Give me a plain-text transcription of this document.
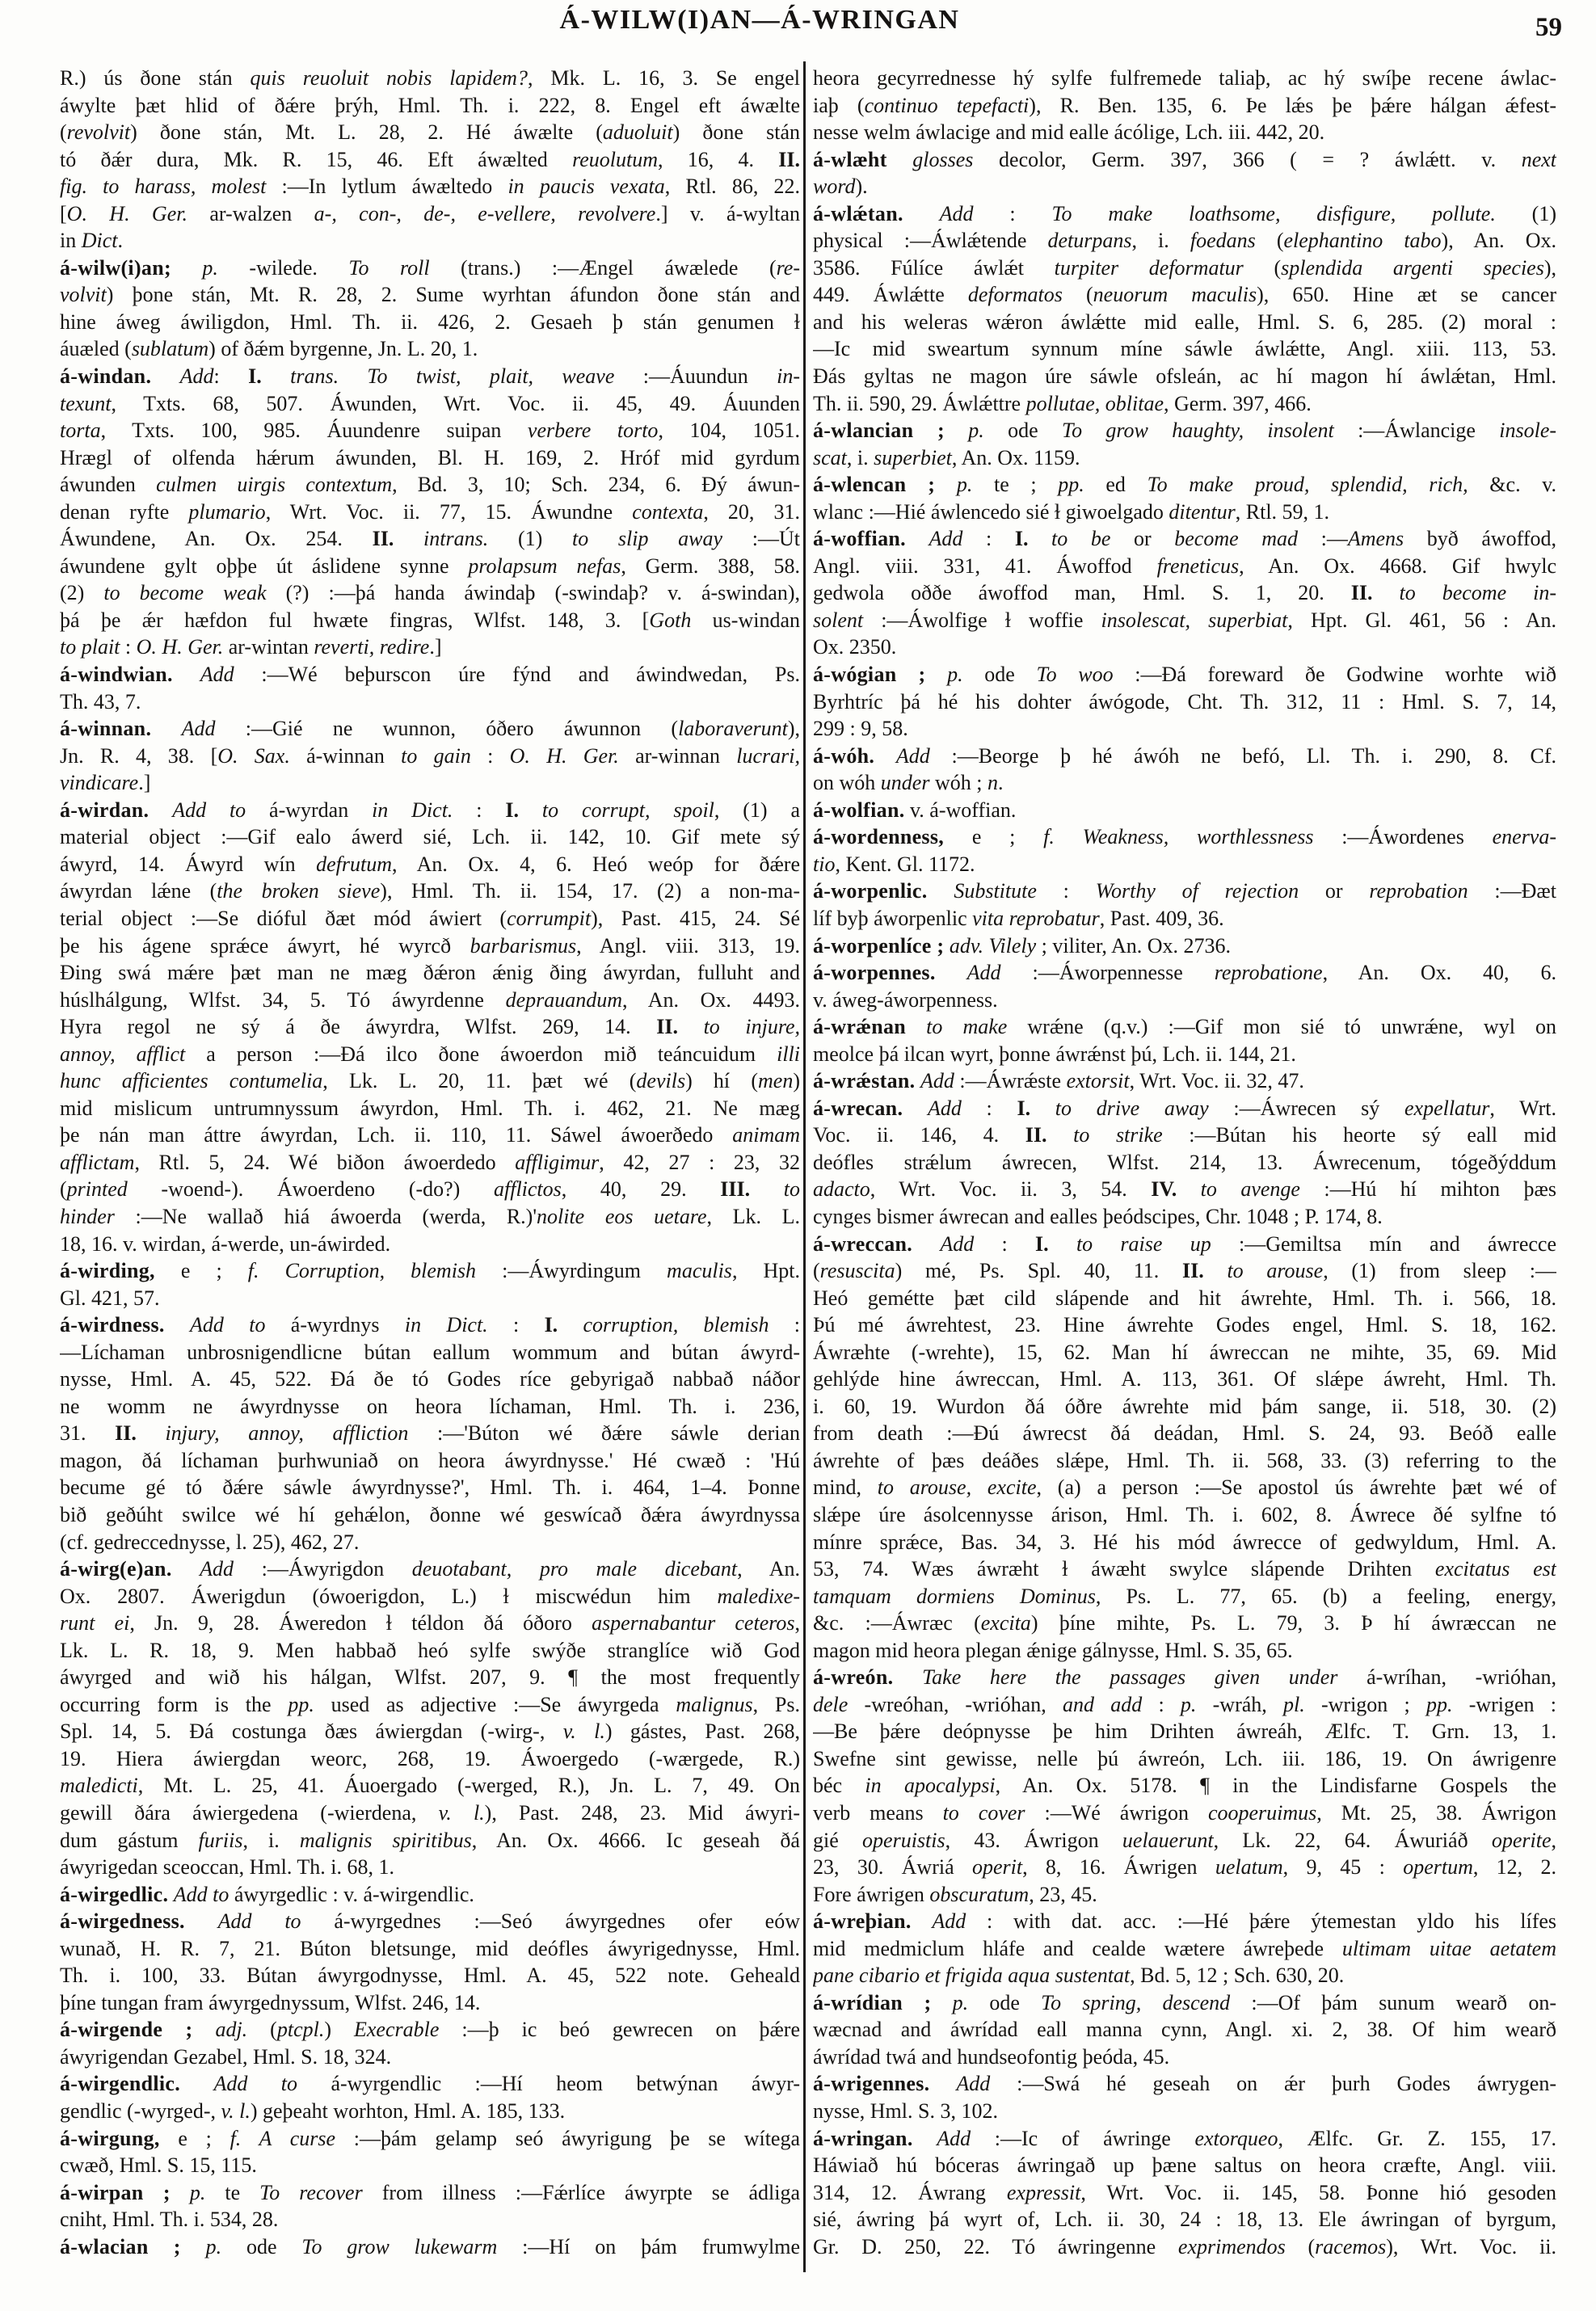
Á-WILW(I)AN—Á-WRINGAN	59
R.) ús ðone stán quis reuoluit nobis lapidem?, Mk. L. 16, 3. Se engel
áwylte þæt hlid of ðǽre þrýh, Hml. Th. i. 222, 8. Engel eft áwælte
(revolvit) ðone stán, Mt. L. 28, 2. Hé áwælte (aduoluit) ðone stán
tó ðǽr dura, Mk. R. 15, 46. Eft áwælted reuolutum, 16, 4. II.
fig. to harass, molest :—In lytlum áwæltedo in paucis vexata, Rtl. 86, 22.
[O. H. Ger. ar-walzen a-, con-, de-, e-vellere, revolvere.] v. á-wyltan
in Dict.
á-wilw(i)an; p. -wilede. To roll (trans.) :—Ængel áwælede (re-
volvit) þone stán, Mt. R. 28, 2. Sume wyrhtan áfundon ðone stán and
hine áweg áwiligdon, Hml. Th. ii. 426, 2. Gesaeh þ stán genumen ɫ
áuæled (sublatum) of ðǽm byrgenne, Jn. L. 20, 1.
á-windan. Add: I. trans. To twist, plait, weave :—Áuundun in-
texunt, Txts. 68, 507. Áwunden, Wrt. Voc. ii. 45, 49. Áuunden
torta, Txts. 100, 985. Áuundenre suipan verbere torto, 104, 1051.
Hrægl of olfenda hǽrum áwunden, Bl. H. 169, 2. Hróf mid gyrdum
áwunden culmen uirgis contextum, Bd. 3, 10; Sch. 234, 6. Ðý áwun-
denan ryfte plumario, Wrt. Voc. ii. 77, 15. Áwundne contexta, 20, 31.
Áwundene, An. Ox. 254. II. intrans. (1) to slip away :—Út
áwundene gylt oþþe út áslidene synne prolapsum nefas, Germ. 388, 58.
(2) to become weak (?) :—þá handa áwindaþ (-swindaþ? v. á-swindan),
þá þe ǽr hæfdon ful hwæte fingras, Wlfst. 148, 3. [Goth us-windan
to plait : O. H. Ger. ar-wintan reverti, redire.]
á-windwian. Add :—Wé beþurscon úre fýnd and áwindwedan, Ps.
Th. 43, 7.
á-winnan. Add :—Gié ne wunnon, óðero áwunnon (laboraverunt),
Jn. R. 4, 38. [O. Sax. á-winnan to gain : O. H. Ger. ar-winnan lucrari,
vindicare.]
á-wirdan. Add to á-wyrdan in Dict. : I. to corrupt, spoil, (1) a
material object :—Gif ealo áwerd sié, Lch. ii. 142, 10. Gif mete sý
áwyrd, 14. Áwyrd wín defrutum, An. Ox. 4, 6. Heó weóp for ðǽre
áwyrdan lǽne (the broken sieve), Hml. Th. ii. 154, 17. (2) a non-ma-
terial object :—Se dióful ðæt mód áwiert (corrumpit), Past. 415, 24. Sé
þe his ágene sprǽce áwyrt, hé wyrcð barbarismus, Angl. viii. 313, 19.
Ðing swá mǽre þæt man ne mæg ðǽron ǽnig ðing áwyrdan, fulluht and
húslhálgung, Wlfst. 34, 5. Tó áwyrdenne deprauandum, An. Ox. 4493.
Hyra regol ne sý á ðe áwyrdra, Wlfst. 269, 14. II. to injure,
annoy, afflict a person :—Ðá ilco ðone áwoerdon mið teáncuidum illi
hunc afficientes contumelia, Lk. L. 20, 11. þæt wé (devils) hí (men)
mid mislicum untrumnyssum áwyrdon, Hml. Th. i. 462, 21. Ne mæg
þe nán man áttre áwyrdan, Lch. ii. 110, 11. Sáwel áwoerðedo animam
afflictam, Rtl. 5, 24. Wé biðon áwoerdedo affligimur, 42, 27 : 23, 32
(printed -woend-). Áwoerdeno (-do?) afflictos, 40, 29. III. to
hinder :—Ne wallað hiá áwoerda (werda, R.)'nolite eos uetare, Lk. L.
18, 16. v. wirdan, á-werde, un-áwirded.
á-wirding, e ; f. Corruption, blemish :—Áwyrdingum maculis, Hpt.
Gl. 421, 57.
á-wirdness. Add to á-wyrdnys in Dict. : I. corruption, blemish :
—Líchaman unbrosnigendlicne bútan eallum wommum and bútan áwyrd-
nysse, Hml. A. 45, 522. Ðá ðe tó Godes ríce gebyrigað nabbað náðor
ne womm ne áwyrdnysse on heora líchaman, Hml. Th. i. 236,
31. II. injury, annoy, affliction :—'Búton wé ðǽre sáwle derian
magon, ðá líchaman þurhwuniað on heora áwyrdnysse.' Hé cwæð : 'Hú
becume gé tó ðǽre sáwle áwyrdnysse?', Hml. Th. i. 464, 1–4. Þonne
bið geðúht swilce wé hí gehǽlon, ðonne wé geswícað ðǽra áwyrdnyssa
(cf. gedreccednysse, l. 25), 462, 27.
á-wirg(e)an. Add :—Áwyrigdon deuotabant, pro male dicebant, An.
Ox. 2807. Áwerigdun (ówoerigdon, L.) ɫ miscwédun him maledixe-
runt ei, Jn. 9, 28. Áweredon ɫ téldon ðá óðoro aspernabantur ceteros,
Lk. L. R. 18, 9. Men habbað heó sylfe swýðe stranglíce wið God
áwyrged and wið his hálgan, Wlfst. 207, 9. ¶ the most frequently
occurring form is the pp. used as adjective :—Se áwyrgeda malignus, Ps.
Spl. 14, 5. Ðá costunga ðæs áwiergdan (-wirg-, v. l.) gástes, Past. 268,
19. Hiera áwiergdan weorc, 268, 19. Áwoergedo (-wærgede, R.)
maledicti, Mt. L. 25, 41. Áuoergado (-werged, R.), Jn. L. 7, 49. On
gewill ðára áwiergedena (-wierdena, v. l.), Past. 248, 23. Mid áwyri-
dum gástum furiis, i. malignis spiritibus, An. Ox. 4666. Ic geseah ðá
áwyrigedan sceoccan, Hml. Th. i. 68, 1.
á-wirgedlic. Add to áwyrgedlic : v. á-wirgendlic.
á-wirgedness. Add to á-wyrgednes :—Seó áwyrgednes ofer eów
wunað, H. R. 7, 21. Búton bletsunge, mid deófles áwyrigednysse, Hml.
Th. i. 100, 33. Bútan áwyrgodnysse, Hml. A. 45, 522 note. Geheald
þíne tungan fram áwyrgednyssum, Wlfst. 246, 14.
á-wirgende ; adj. (ptcpl.) Execrable :—þ ic beó gewrecen on þǽre
áwyrigendan Gezabel, Hml. S. 18, 324.
á-wirgendlic. Add to á-wyrgendlic :—Hí heom betwýnan áwyr-
gendlic (-wyrged-, v. l.) geþeaht worhton, Hml. A. 185, 133.
á-wirgung, e ; f. A curse :—þám gelamp seó áwyrigung þe se wítega
cwæð, Hml. S. 15, 115.
á-wirpan ; p. te To recover from illness :—Fǽrlíce áwyrpte se ádliga
cniht, Hml. Th. i. 534, 28.
á-wlacian ; p. ode To grow lukewarm :—Hí on þám frumwylme
heora gecyrrednesse hý sylfe fulfremede taliaþ, ac hý swíþe recene áwlac-
iaþ (continuo tepefacti), R. Ben. 135, 6. Þe lǽs þe þǽre hálgan ǽfest-
nesse welm áwlacige and mid ealle ácólige, Lch. iii. 442, 20.
á-wlæht glosses decolor, Germ. 397, 366 ( = ? áwlǽtt. v. next
word).
á-wlǽtan. Add : To make loathsome, disfigure, pollute. (1)
physical :—Áwlǽtende deturpans, i. foedans (elephantino tabo), An. Ox.
3586. Fúlíce áwlǽt turpiter deformatur (splendida argenti species),
449. Áwlǽtte deformatos (neuorum maculis), 650. Hine æt se cancer
and his weleras wǽron áwlǽtte mid ealle, Hml. S. 6, 285. (2) moral :
—Ic mid sweartum synnum míne sáwle áwlǽtte, Angl. xiii. 113, 53.
Ðás gyltas ne magon úre sáwle ofsleán, ac hí magon hí áwlǽtan, Hml.
Th. ii. 590, 29. Áwlǽttre pollutae, oblitae, Germ. 397, 466.
á-wlancian ; p. ode To grow haughty, insolent :—Áwlancige insole-
scat, i. superbiet, An. Ox. 1159.
á-wlencan ; p. te ; pp. ed To make proud, splendid, rich, &c. v.
wlanc :—Hié áwlencedo sié ɫ giwoelgado ditentur, Rtl. 59, 1.
á-woffian. Add : I. to be or become mad :—Amens byð áwoffod,
Angl. viii. 331, 41. Áwoffod freneticus, An. Ox. 4668. Gif hwylc
gedwola oððe áwoffod man, Hml. S. 1, 20. II. to become in-
solent :—Áwolfige ɫ woffie insolescat, superbiat, Hpt. Gl. 461, 56 : An.
Ox. 2350.
á-wógian ; p. ode To woo :—Ðá foreward ðe Godwine worhte wið
Byrhtríc þá hé his dohter áwógode, Cht. Th. 312, 11 : Hml. S. 7, 14,
299 : 9, 58.
á-wóh. Add :—Beorge þ hé áwóh ne befó, Ll. Th. i. 290, 8. Cf.
on wóh under wóh ; n.
á-wolfian. v. á-woffian.
á-wordenness, e ; f. Weakness, worthlessness :—Áwordenes enerva-
tio, Kent. Gl. 1172.
á-worpenlic. Substitute : Worthy of rejection or reprobation :—Ðæt
líf byþ áworpenlic vita reprobatur, Past. 409, 36.
á-worpenlíce ; adv. Vilely ; viliter, An. Ox. 2736.
á-worpennes. Add :—Áworpennesse reprobatione, An. Ox. 40, 6.
v. áweg-áworpenness.
á-wrǽnan to make wrǽne (q.v.) :—Gif mon sié tó unwrǽne, wyl on
meolce þá ilcan wyrt, þonne áwrǽnst þú, Lch. ii. 144, 21.
á-wrǽstan. Add :—Áwrǽste extorsit, Wrt. Voc. ii. 32, 47.
á-wrecan. Add : I. to drive away :—Áwrecen sý expellatur, Wrt.
Voc. ii. 146, 4. II. to strike :—Bútan his heorte sý eall mid
deófles strǽlum áwrecen, Wlfst. 214, 13. Áwrecenum, tógeðýddum
adacto, Wrt. Voc. ii. 3, 54. IV. to avenge :—Hú hí mihton þæs
cynges bismer áwrecan and ealles þeódscipes, Chr. 1048 ; P. 174, 8.
á-wreccan. Add : I. to raise up :—Gemiltsa mín and áwrecce
(resuscita) mé, Ps. Spl. 40, 11. II. to arouse, (1) from sleep :—
Heó gemétte þæt cild slápende and hit áwrehte, Hml. Th. i. 566, 18.
Þú mé áwrehtest, 23. Hine áwrehte Godes engel, Hml. S. 18, 162.
Áwræhte (-wrehte), 15, 62. Man hí áwreccan ne mihte, 35, 69. Mid
gehlýde hine áwreccan, Hml. A. 113, 361. Of slǽpe áwreht, Hml. Th.
i. 60, 19. Wurdon ðá óðre áwrehte mid þám sange, ii. 518, 30. (2)
from death :—Ðú áwrecst ðá deádan, Hml. S. 24, 93. Beóð ealle
áwrehte of þæs deáðes slǽpe, Hml. Th. ii. 568, 33. (3) referring to the
mind, to arouse, excite, (a) a person :—Se apostol ús áwrehte þæt wé of
slǽpe úre ásolcennysse árison, Hml. Th. i. 602, 8. Áwrece ðé sylfne tó
mínre sprǽce, Bas. 34, 3. Hé his mód áwrecce of gedwyldum, Hml. A.
53, 74. Wæs áwræht ɫ áwæht swylce slápende Drihten excitatus est
tamquam dormiens Dominus, Ps. L. 77, 65. (b) a feeling, energy,
&c. :—Áwræc (excita) þíne mihte, Ps. L. 79, 3. Þ hí áwræccan ne
magon mid heora plegan ǽnige gálnysse, Hml. S. 35, 65.
á-wreón. Take here the passages given under á-wríhan, -wrióhan,
dele -wreóhan, -wrióhan, and add : p. -wráh, pl. -wrigon ; pp. -wrigen :
—Be þǽre deópnysse þe him Drihten áwreáh, Ælfc. T. Grn. 13, 1.
Swefne sint gewisse, nelle þú áwreón, Lch. iii. 186, 19. On áwrigenre
béc in apocalypsi, An. Ox. 5178. ¶ in the Lindisfarne Gospels the
verb means to cover :—Wé áwrigon cooperuimus, Mt. 25, 38. Áwrigon
gié operuistis, 43. Áwrigon uelauerunt, Lk. 22, 64. Áwuriáð operite,
23, 30. Áwriá operit, 8, 16. Áwrigen uelatum, 9, 45 : opertum, 12, 2.
Fore áwrigen obscuratum, 23, 45.
á-wreþian. Add : with dat. acc. :—Hé þǽre ýtemestan yldo his lífes
mid medmiclum hláfe and cealde wætere áwreþede ultimam uitae aetatem
pane cibario et frigida aqua sustentat, Bd. 5, 12 ; Sch. 630, 20.
á-wrídian ; p. ode To spring, descend :—Of þám sunum wearð on-
wæcnad and áwrídad eall manna cynn, Angl. xi. 2, 38. Of him wearð
áwrídad twá and hundseofontig þeóda, 45.
á-wrigennes. Add :—Swá hé geseah on ǽr þurh Godes áwrygen-
nysse, Hml. S. 3, 102.
á-wringan. Add :—Ic of áwringe extorqueo, Ælfc. Gr. Z. 155, 17.
Háwiað hú bóceras áwringað up þæne saltus on heora cræfte, Angl. viii.
314, 12. Áwrang expressit, Wrt. Voc. ii. 145, 58. Þonne hió gesoden
sié, áwring þá wyrt of, Lch. ii. 30, 24 : 18, 13. Ele áwringan of byrgum,
Gr. D. 250, 22. Tó áwringenne exprimendos (racemos), Wrt. Voc. ii.
